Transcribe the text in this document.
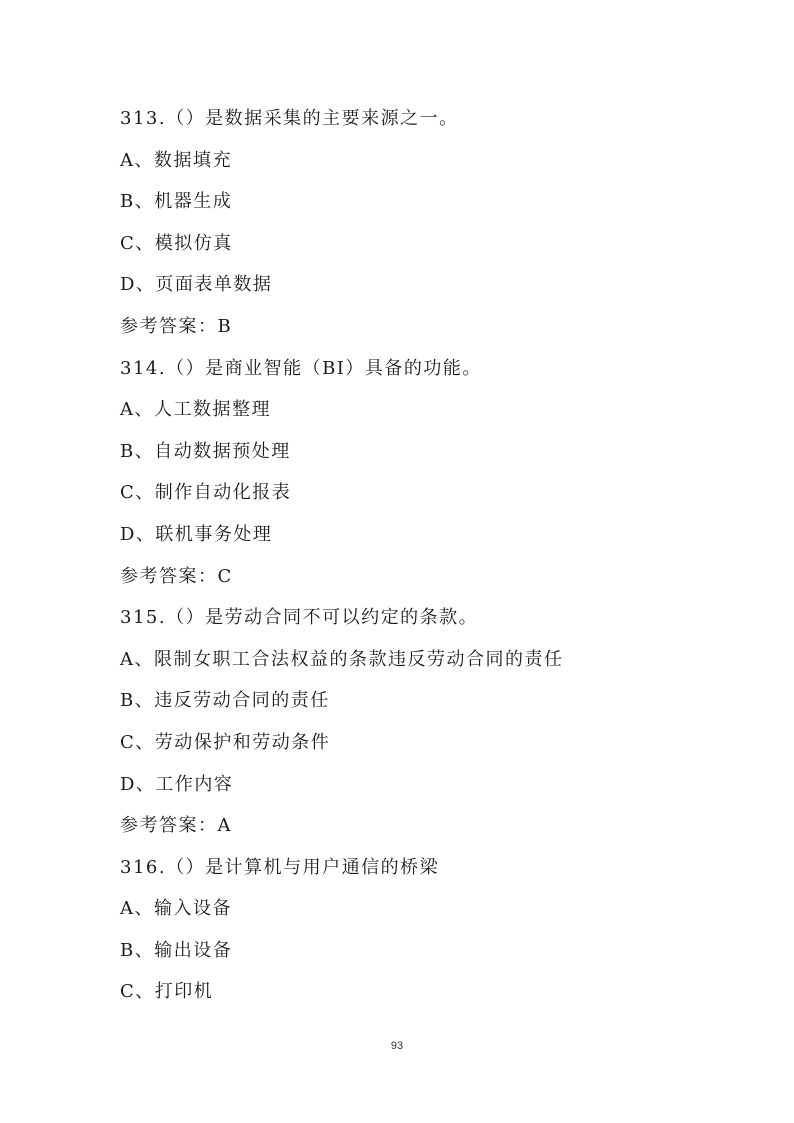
313.（）是数据采集的主要来源之一。
A、数据填充
B、机器生成
C、模拟仿真
D、页面表单数据
参考答案：B
314.（）是商业智能（BI）具备的功能。
A、人工数据整理
B、自动数据预处理
C、制作自动化报表
D、联机事务处理
参考答案：C
315.（）是劳动合同不可以约定的条款。
A、限制女职工合法权益的条款违反劳动合同的责任
B、违反劳动合同的责任
C、劳动保护和劳动条件
D、工作内容
参考答案：A
316.（）是计算机与用户通信的桥梁
A、输入设备
B、输出设备
C、打印机
93
